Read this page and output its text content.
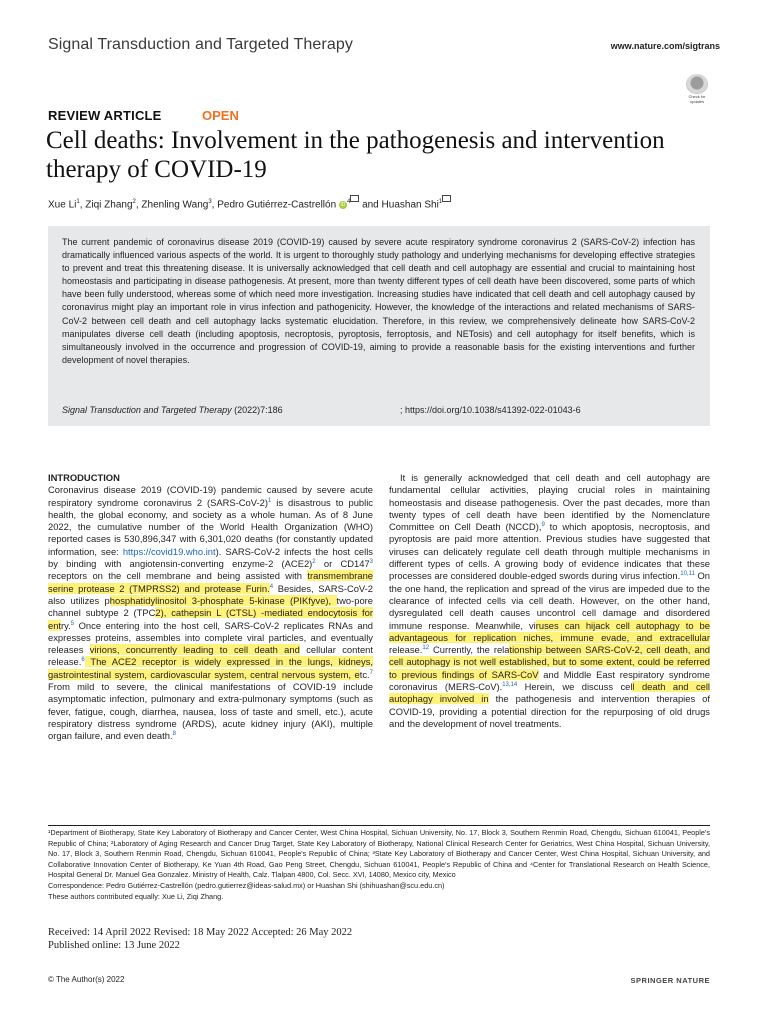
Signal Transduction and Targeted Therapy	www.nature.com/sigtrans
Check for updates
REVIEW ARTICLE	OPEN
Cell deaths: Involvement in the pathogenesis and intervention therapy of COVID-19
Xue Li$^1$, Ziqi Zhang$^2$, Zhenling Wang$^3$, Pedro Gutiérrez-Castrellón iD $^4$ and Huashan Shi$^1$
The current pandemic of coronavirus disease 2019 (COVID-19) caused by severe acute respiratory syndrome coronavirus 2 (SARS-CoV-2) infection has dramatically influenced various aspects of the world. It is urgent to thoroughly study pathology and underlying mechanisms for developing effective strategies to prevent and treat this threatening disease. It is universally acknowledged that cell death and cell autophagy are essential and crucial to maintaining host homeostasis and participating in disease pathogenesis. At present, more than twenty different types of cell death have been discovered, some parts of which have been fully understood, whereas some of which need more investigation. Increasing studies have indicated that cell death and cell autophagy caused by coronavirus might play an important role in virus infection and pathogenicity. However, the knowledge of the interactions and related mechanisms of SARS-CoV-2 between cell death and cell autophagy lacks systematic elucidation. Therefore, in this review, we comprehensively delineate how SARS-CoV-2 manipulates diverse cell death (including apoptosis, necroptosis, pyroptosis, ferroptosis, and NETosis) and cell autophagy for itself benefits, which is simultaneously involved in the occurrence and progression of COVID-19, aiming to provide a reasonable basis for the existing interventions and further development of novel therapies.
Signal Transduction and Targeted Therapy (2022)7:186	; https://doi.org/10.1038/s41392-022-01043-6
INTRODUCTION

Coronavirus disease 2019 (COVID-19) pandemic caused by severe acute respiratory syndrome coronavirus 2 (SARS-CoV-2)$^1$ is disastrous to public health, the global economy, and society as a whole human. As of 8 June 2022, the cumulative number of the World Health Organization (WHO) reported cases is 530,896,347 with 6,301,020 deaths (for constantly updated information, see: https://covid19.who.int). SARS-CoV-2 infects the host cells by binding with angiotensin-converting enzyme-2 $(ACE2)^2$ or $CD147^3$ receptors on the cell membrane and being assisted with transmembrane serine protease 2 (TMPRSS2) and protease Furin.$^4$ Besides, SARS-CoV-2 also utilizes phosphatidylinositol 3-phosphate 5-kinase (PIKfyve), two-pore channel subtype 2 (TPC2), cathepsin L (CTSL) -mediated endocytosis for entry.$^5$ Once entering into the host cell, SARS-CoV-2 replicates RNAs and expresses proteins, assembles into complete viral particles, and eventually releases virions, concurrently leading to cell death and cellular content release.$^6$ The ACE2 receptor is widely expressed in the lungs, kidneys, gastrointestinal system, cardiovascular system, central nervous system, etc.$^7$ From mild to severe, the clinical manifestations of COVID-19 include asymptomatic infection, pulmonary and extra-pulmonary symptoms (such as fever, fatigue, cough, diarrhea, nausea, loss of taste and smell, etc.), acute respiratory distress syndrome (ARDS), acute kidney injury (AKI), multiple organ failure, and even death.$^8$

It is generally acknowledged that cell death and cell autophagy are fundamental cellular activities, playing crucial roles in maintaining homeostasis and disease pathogenesis. Over the past decades, more than twenty types of cell death have been identified by the Nomenclature Committee on Cell Death (NCCD),$^9$ to which apoptosis, necroptosis, and pyroptosis are paid more attention. Previous studies have suggested that viruses can delicately regulate cell death through multiple mechanisms in different types of cells. A growing body of evidence indicates that these processes are considered double-edged swords during virus infection.$^{10,11}$ On the one hand, the replication and spread of the virus are impeded due to the clearance of infected cells via cell death. However, on the other hand, dysregulated cell death causes uncontrol cell damage and disordered immune response. Meanwhile, viruses can hijack cell autophagy to be advantageous for replication niches, immune evade, and extracellular release.$^{12}$ Currently, the relationship between SARS-CoV-2, cell death, and cell autophagy is not well established, but to some extent, could be referred to previous findings of SARS-CoV and Middle East respiratory syndrome coronavirus (MERS-CoV).$^{13,14}$ Herein, we discuss cell death and cell autophagy involved in the pathogenesis and intervention therapies of COVID-19, providing a potential direction for the repurposing of old drugs and the development of novel treatments.

¹Department of Biotherapy, State Key Laboratory of Biotherapy and Cancer Center, West China Hospital, Sichuan University, No. 17, Block 3, Southern Renmin Road, Chengdu, Sichuan 610041, People's Republic of China; ²Laboratory of Aging Research and Cancer Drug Target, State Key Laboratory of Biotherapy, National Clinical Research Center for Geriatrics, West China Hospital, Sichuan University, No. 17, Block 3, Southern Renmin Road, Chengdu, Sichuan 610041, People's Republic of China; ³State Key Laboratory of Biotherapy and Cancer Center, West China Hospital, Sichuan University, and Collaborative Innovation Center of Biotherapy, Ke Yuan 4th Road, Gao Peng Street, Chengdu, Sichuan 610041, People's Republic of China and ⁴Center for Translational Research on Health Science, Hospital General Dr. Manuel Gea Gonzalez. Ministry of Health, Calz. Tlalpan 4800, Col. Secc. XVI, 14080, Mexico city, Mexico

Correspondence: Pedro Gutiérrez-Castrellón (pedro.gutierrez@ideas-salud.mx) or Huashan Shi (shihuashan@scu.edu.cn)

These authors contributed equally: Xue Li, Ziqi Zhang.

Received: 14 April 2022 Revised: 18 May 2022 Accepted: 26 May 2022
Published online: 13 June 2022
© The Author(s) 2022	SPRINGER NATURE
